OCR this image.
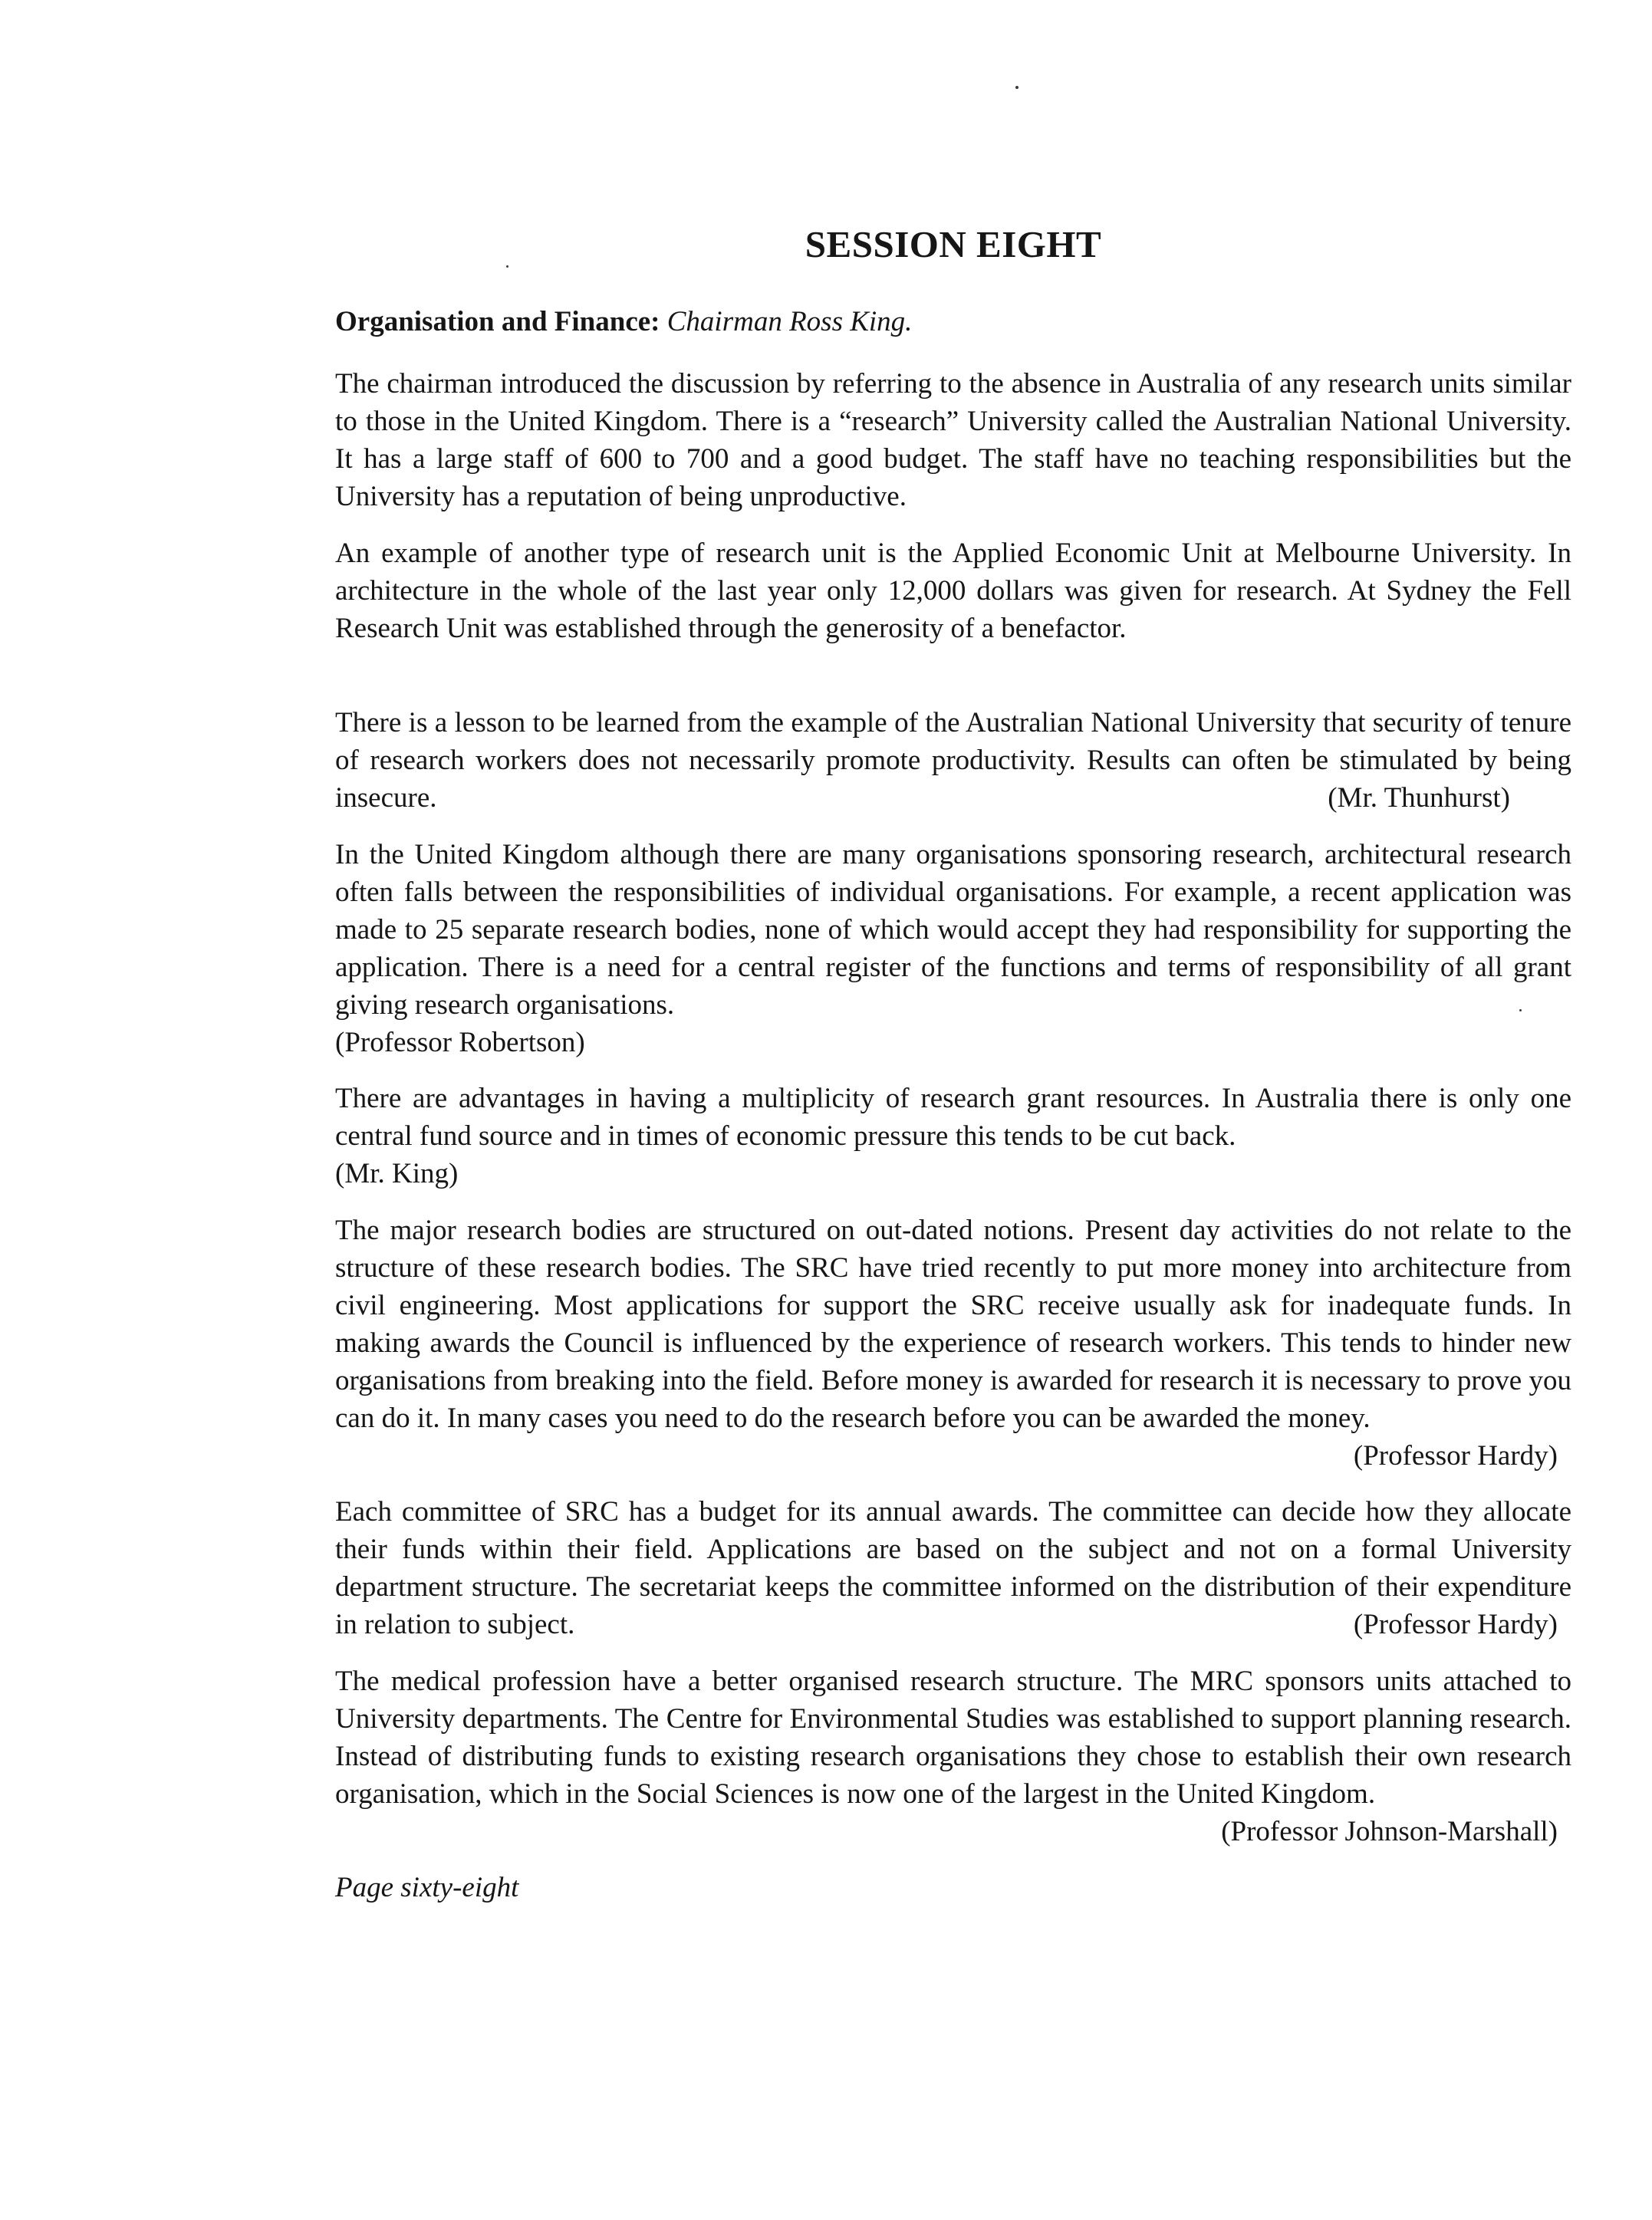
SESSION EIGHT

Organisation and Finance: Chairman Ross King.

The chairman introduced the discussion by referring to the absence in Australia of any research units similar to those in the United Kingdom. There is a “research” University called the Australian National University. It has a large staff of 600 to 700 and a good budget. The staff have no teaching responsibilities but the University has a reputation of being unproductive.

An example of another type of research unit is the Applied Economic Unit at Melbourne University. In architecture in the whole of the last year only 12,000 dollars was given for research. At Sydney the Fell Research Unit was established through the generosity of a benefactor.

There is a lesson to be learned from the example of the Australian National University that security of tenure of research workers does not necessarily promote productivity. Results can often be stimulated by being insecure.	(Mr. Thunhurst)

In the United Kingdom although there are many organisations sponsoring research, architectural research often falls between the responsibilities of individual organisations. For example, a recent application was made to 25 separate research bodies, none of which would accept they had responsibility for supporting the application. There is a need for a central register of the functions and terms of responsibility of all grant giving research organisations.
(Professor Robertson)

There are advantages in having a multiplicity of research grant resources. In Australia there is only one central fund source and in times of economic pressure this tends to be cut back.
(Mr. King)

The major research bodies are structured on out-dated notions. Present day activities do not relate to the structure of these research bodies. The SRC have tried recently to put more money into architecture from civil engineering. Most applications for support the SRC receive usually ask for inadequate funds. In making awards the Council is influenced by the experience of research workers. This tends to hinder new organisations from breaking into the field. Before money is awarded for research it is necessary to prove you can do it. In many cases you need to do the research before you can be awarded the money.
(Professor Hardy)

Each committee of SRC has a budget for its annual awards. The committee can decide how they allocate their funds within their field. Applications are based on the subject and not on a formal University department structure. The secretariat keeps the committee informed on the distribution of their expenditure in relation to subject.	(Professor Hardy)

The medical profession have a better organised research structure. The MRC sponsors units attached to University departments. The Centre for Environmental Studies was established to support planning research. Instead of distributing funds to existing research organisations they chose to establish their own research organisation, which in the Social Sciences is now one of the largest in the United Kingdom.
(Professor Johnson-Marshall)

Page sixty-eight
